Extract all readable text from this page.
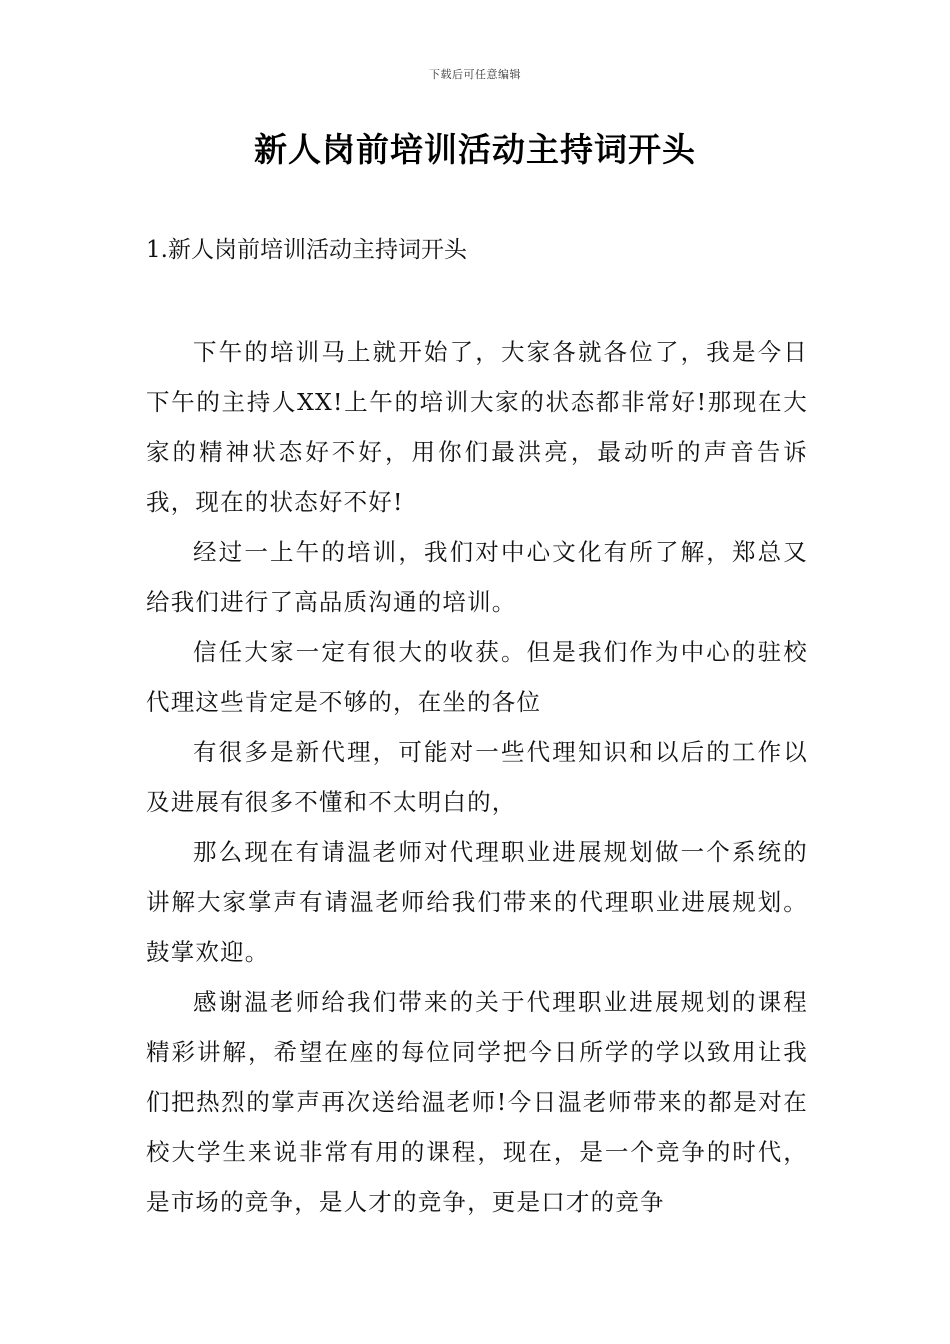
下载后可任意编辑
新人岗前培训活动主持词开头
1.新人岗前培训活动主持词开头

下午的培训马上就开始了，大家各就各位了，我是今日下午的主持人XX!上午的培训大家的状态都非常好!那现在大家的精神状态好不好，用你们最洪亮，最动听的声音告诉我，现在的状态好不好!

经过一上午的培训，我们对中心文化有所了解，郑总又给我们进行了高品质沟通的培训。

信任大家一定有很大的收获。但是我们作为中心的驻校代理这些肯定是不够的，在坐的各位

有很多是新代理，可能对一些代理知识和以后的工作以及进展有很多不懂和不太明白的，

那么现在有请温老师对代理职业进展规划做一个系统的讲解大家掌声有请温老师给我们带来的代理职业进展规划。鼓掌欢迎。

感谢温老师给我们带来的关于代理职业进展规划的课程精彩讲解，希望在座的每位同学把今日所学的学以致用让我们把热烈的掌声再次送给温老师!今日温老师带来的都是对在校大学生来说非常有用的课程，现在，是一个竞争的时代，是市场的竞争，是人才的竞争，更是口才的竞争
